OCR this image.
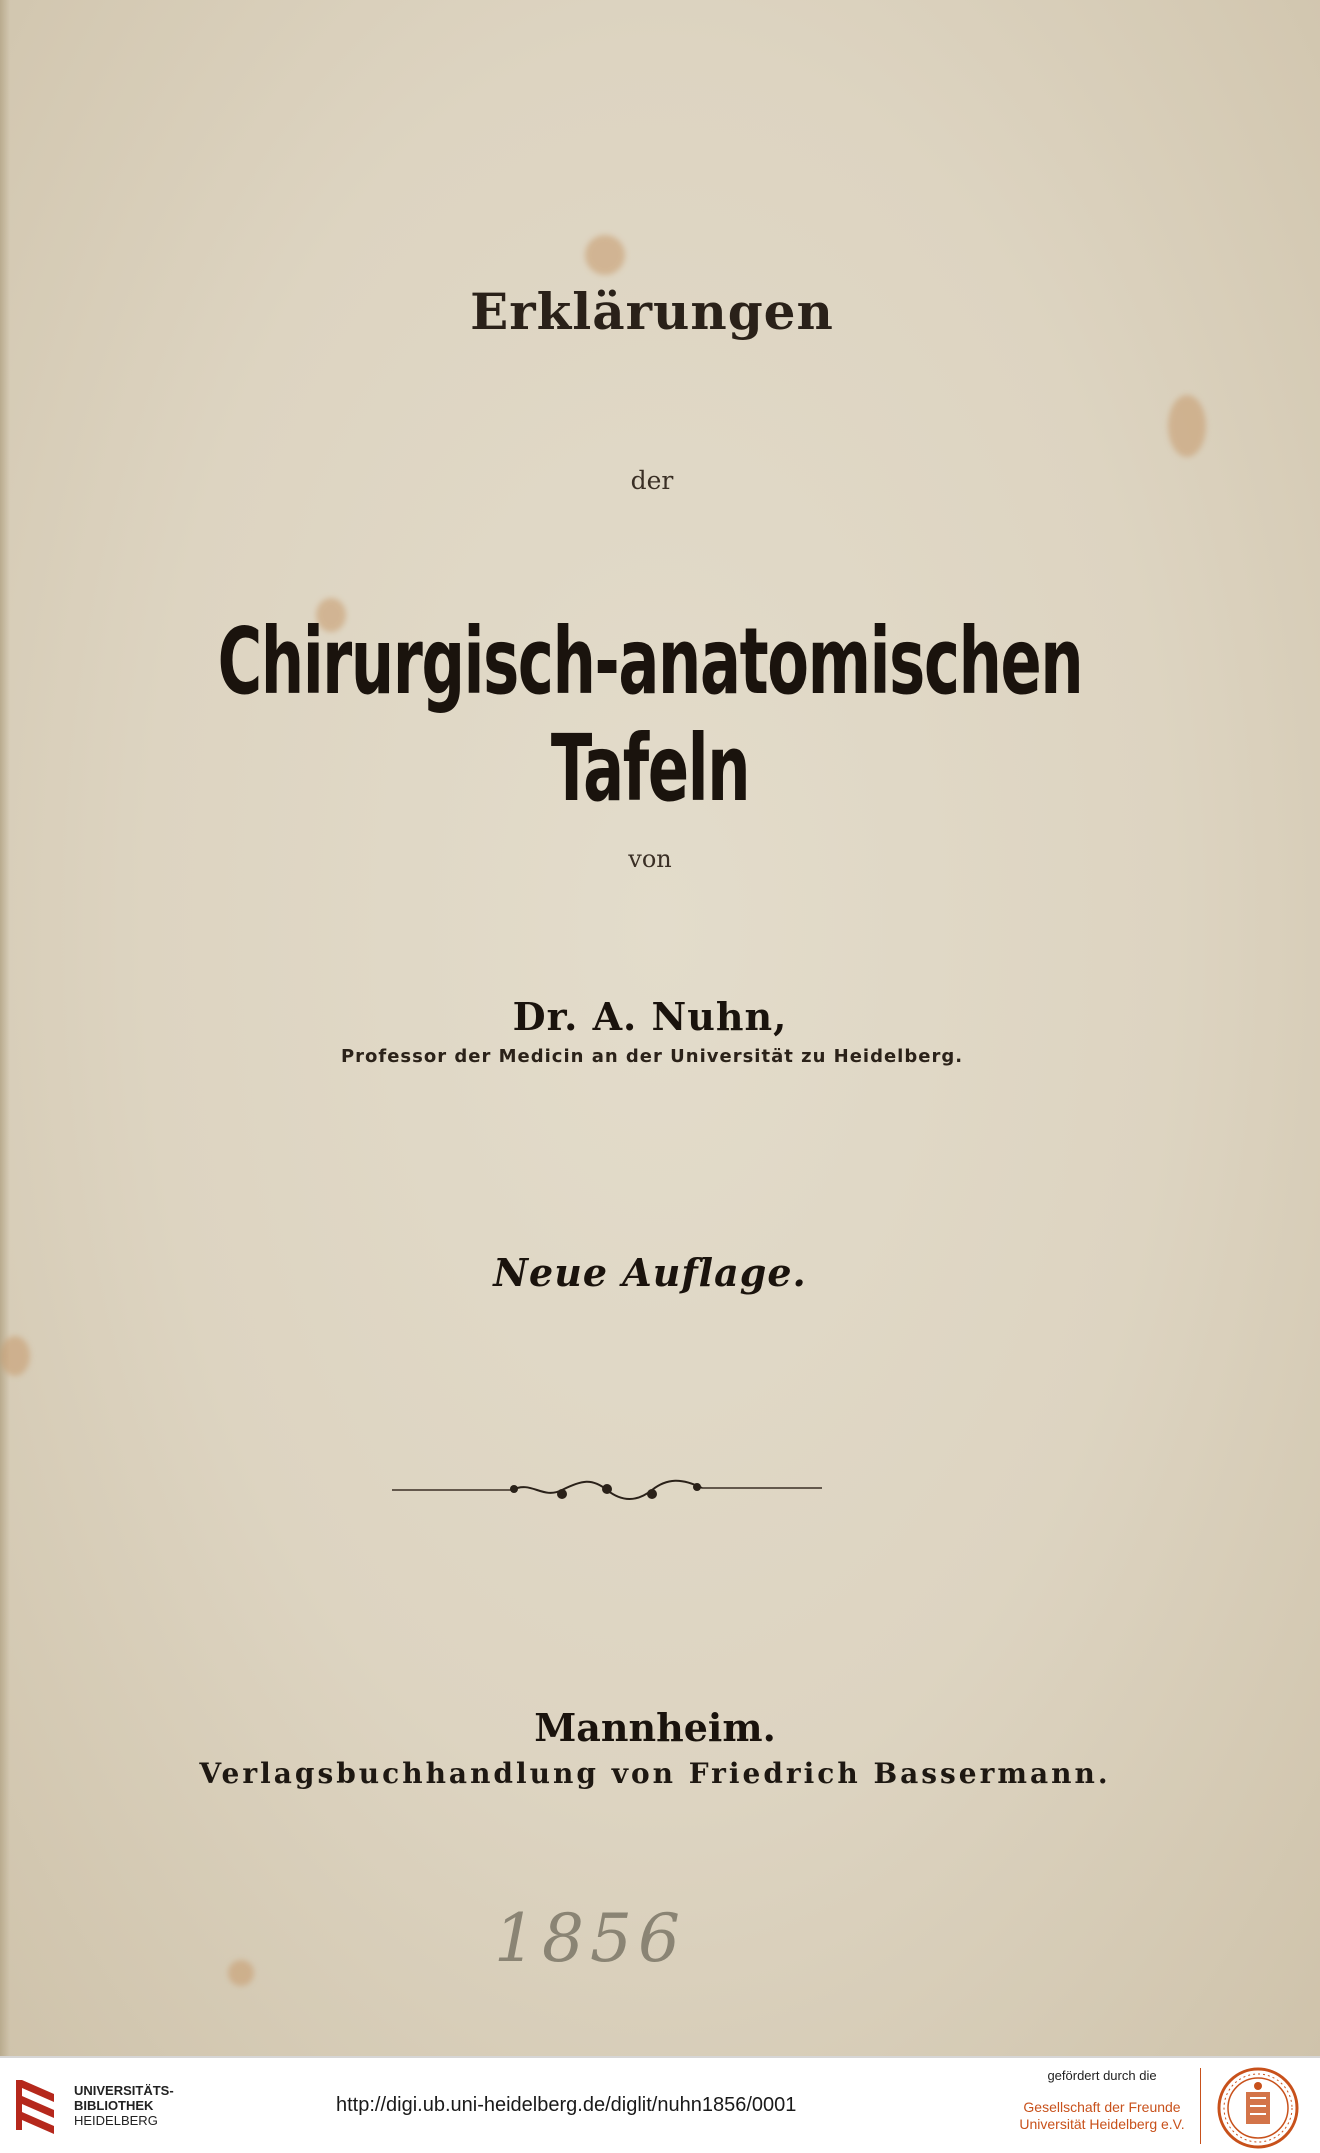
Erklärungen
der
Chirurgisch-anatomischen Tafeln
von
Dr. A. Nuhn,
Professor der Medicin an der Universität zu Heidelberg.
Neue Auflage.
Mannheim.
Verlagsbuchhandlung von Friedrich Bassermann.
1856
UNIVERSITÄTS-
BIBLIOTHEK
HEIDELBERG
http://digi.ub.uni-heidelberg.de/diglit/nuhn1856/0001
gefördert durch die
Gesellschaft der Freunde
Universität Heidelberg e.V.
